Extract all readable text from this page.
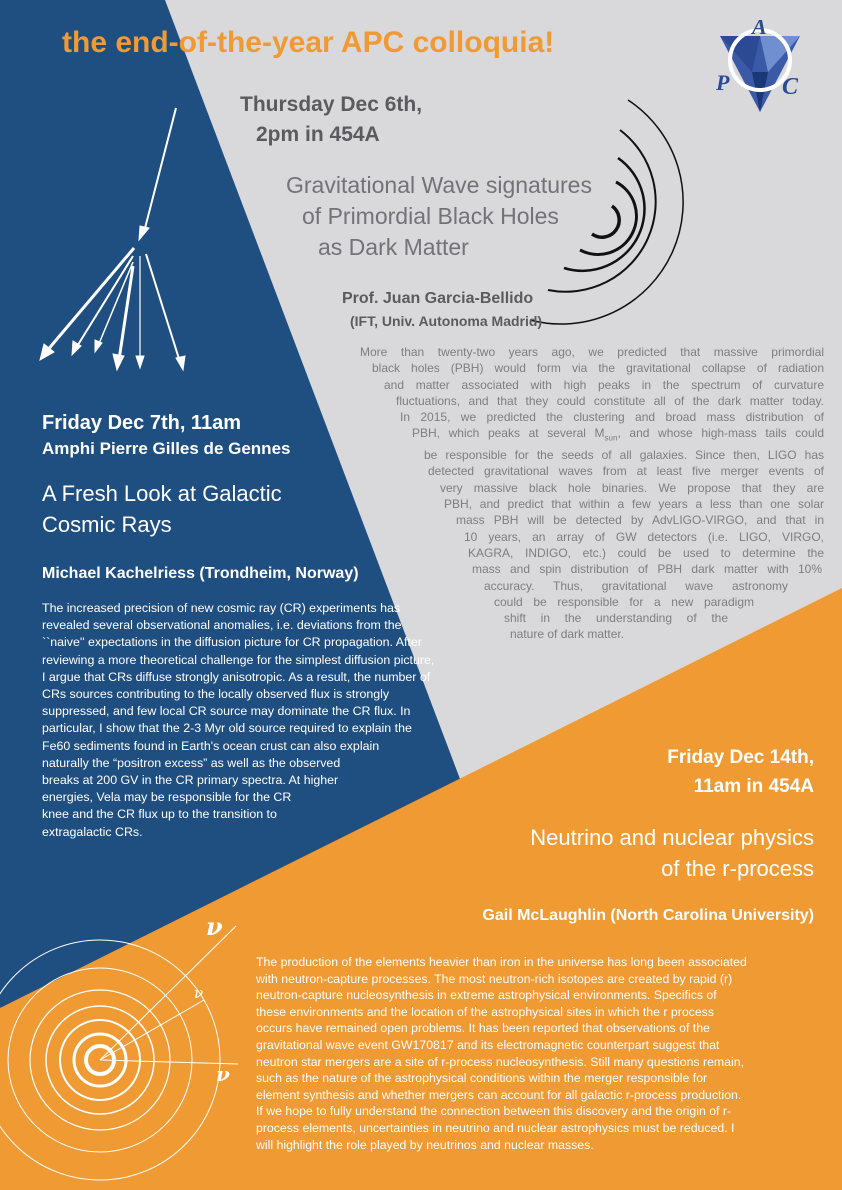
ν
ν
ν
the end-of-the-year APC colloquia!	A
P C
Thursday Dec 6th,
2pm in 454A
Gravitational Wave signatures
of Primordial Black Holes
as Dark Matter
Prof. Juan Garcia-Bellido
(IFT, Univ. Autonoma Madrid)
More than twenty-two years ago, we predicted that massive primordial
black holes (PBH) would form via the gravitational collapse of radiation
and matter associated with high peaks in the spectrum of curvature
fluctuations, and that they could constitute all of the dark matter today.
In 2015, we predicted the clustering and broad mass distribution of
PBH, which peaks at several $M_{sun}$, and whose high-mass tails could
be responsible for the seeds of all galaxies. Since then, LIGO has
detected gravitational waves from at least five merger events of
very massive black hole binaries. We propose that they are
PBH, and predict that within a few years a less than one solar
mass PBH will be detected by AdvLIGO-VIRGO, and that in
10 years, an array of GW detectors (i.e. LIGO, VIRGO,
KAGRA, INDIGO, etc.) could be used to determine the
mass and spin distribution of PBH dark matter with 10%
accuracy. Thus, gravitational wave astronomy
could be responsible for a new paradigm
shift in the understanding of the
nature of dark matter.
Friday Dec 7th, 11am
Amphi Pierre Gilles de Gennes
A Fresh Look at Galactic
Cosmic Rays
Michael Kachelriess (Trondheim, Norway)
The increased precision of new cosmic ray (CR) experiments has
revealed several observational anomalies, i.e. deviations from the
``naive'' expectations in the diffusion picture for CR propagation. After
reviewing a more theoretical challenge for the simplest diffusion picture,
I argue that CRs diffuse strongly anisotropic. As a result, the number of
CRs sources contributing to the locally observed flux is strongly
suppressed, and few local CR source may dominate the CR flux. In
particular, I show that the 2-3 Myr old source required to explain the
Fe60 sediments found in Earth's ocean crust can also explain
naturally the “positron excess” as well as the observed
breaks at 200 GV in the CR primary spectra. At higher
energies, Vela may be responsible for the CR
knee and the CR flux up to the transition to
extragalactic CRs.
Friday Dec 14th,
11am in 454A
Neutrino and nuclear physics
of the r-process
Gail McLaughlin (North Carolina University)
The production of the elements heavier than iron in the universe has long been associated
with neutron-capture processes. The most neutron-rich isotopes are created by rapid (r)
neutron-capture nucleosynthesis in extreme astrophysical environments. Specifics of
these environments and the location of the astrophysical sites in which the r process
occurs have remained open problems. It has been reported that observations of the
gravitational wave event GW170817 and its electromagnetic counterpart suggest that
neutron star mergers are a site of r-process nucleosynthesis. Still many questions remain,
such as the nature of the astrophysical conditions within the merger responsible for
element synthesis and whether mergers can account for all galactic r-process production.
If we hope to fully understand the connection between this discovery and the origin of r-
process elements, uncertainties in neutrino and nuclear astrophysics must be reduced. I
will highlight the role played by neutrinos and nuclear masses.
